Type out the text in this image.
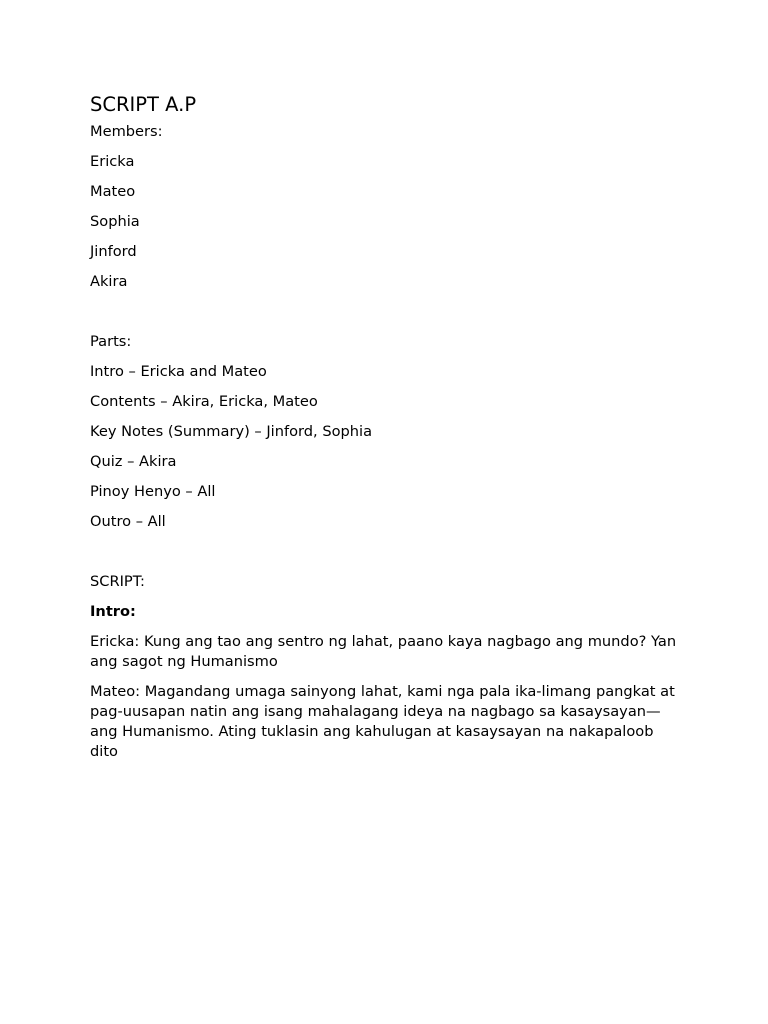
SCRIPT A.P
Members:
Ericka
Mateo
Sophia
Jinford
Akira
Parts:
Intro – Ericka and Mateo
Contents – Akira, Ericka, Mateo
Key Notes (Summary) – Jinford, Sophia
Quiz – Akira
Pinoy Henyo – All
Outro – All
SCRIPT:
Intro:

Ericka: Kung ang tao ang sentro ng lahat, paano kaya nagbago ang mundo? Yan ang sagot ng Humanismo

Mateo: Magandang umaga sainyong lahat, kami nga pala ika-limang pangkat at pag-uusapan natin ang isang mahalagang ideya na nagbago sa kasaysayan—ang Humanismo. Ating tuklasin ang kahulugan at kasaysayan na nakapaloob dito
